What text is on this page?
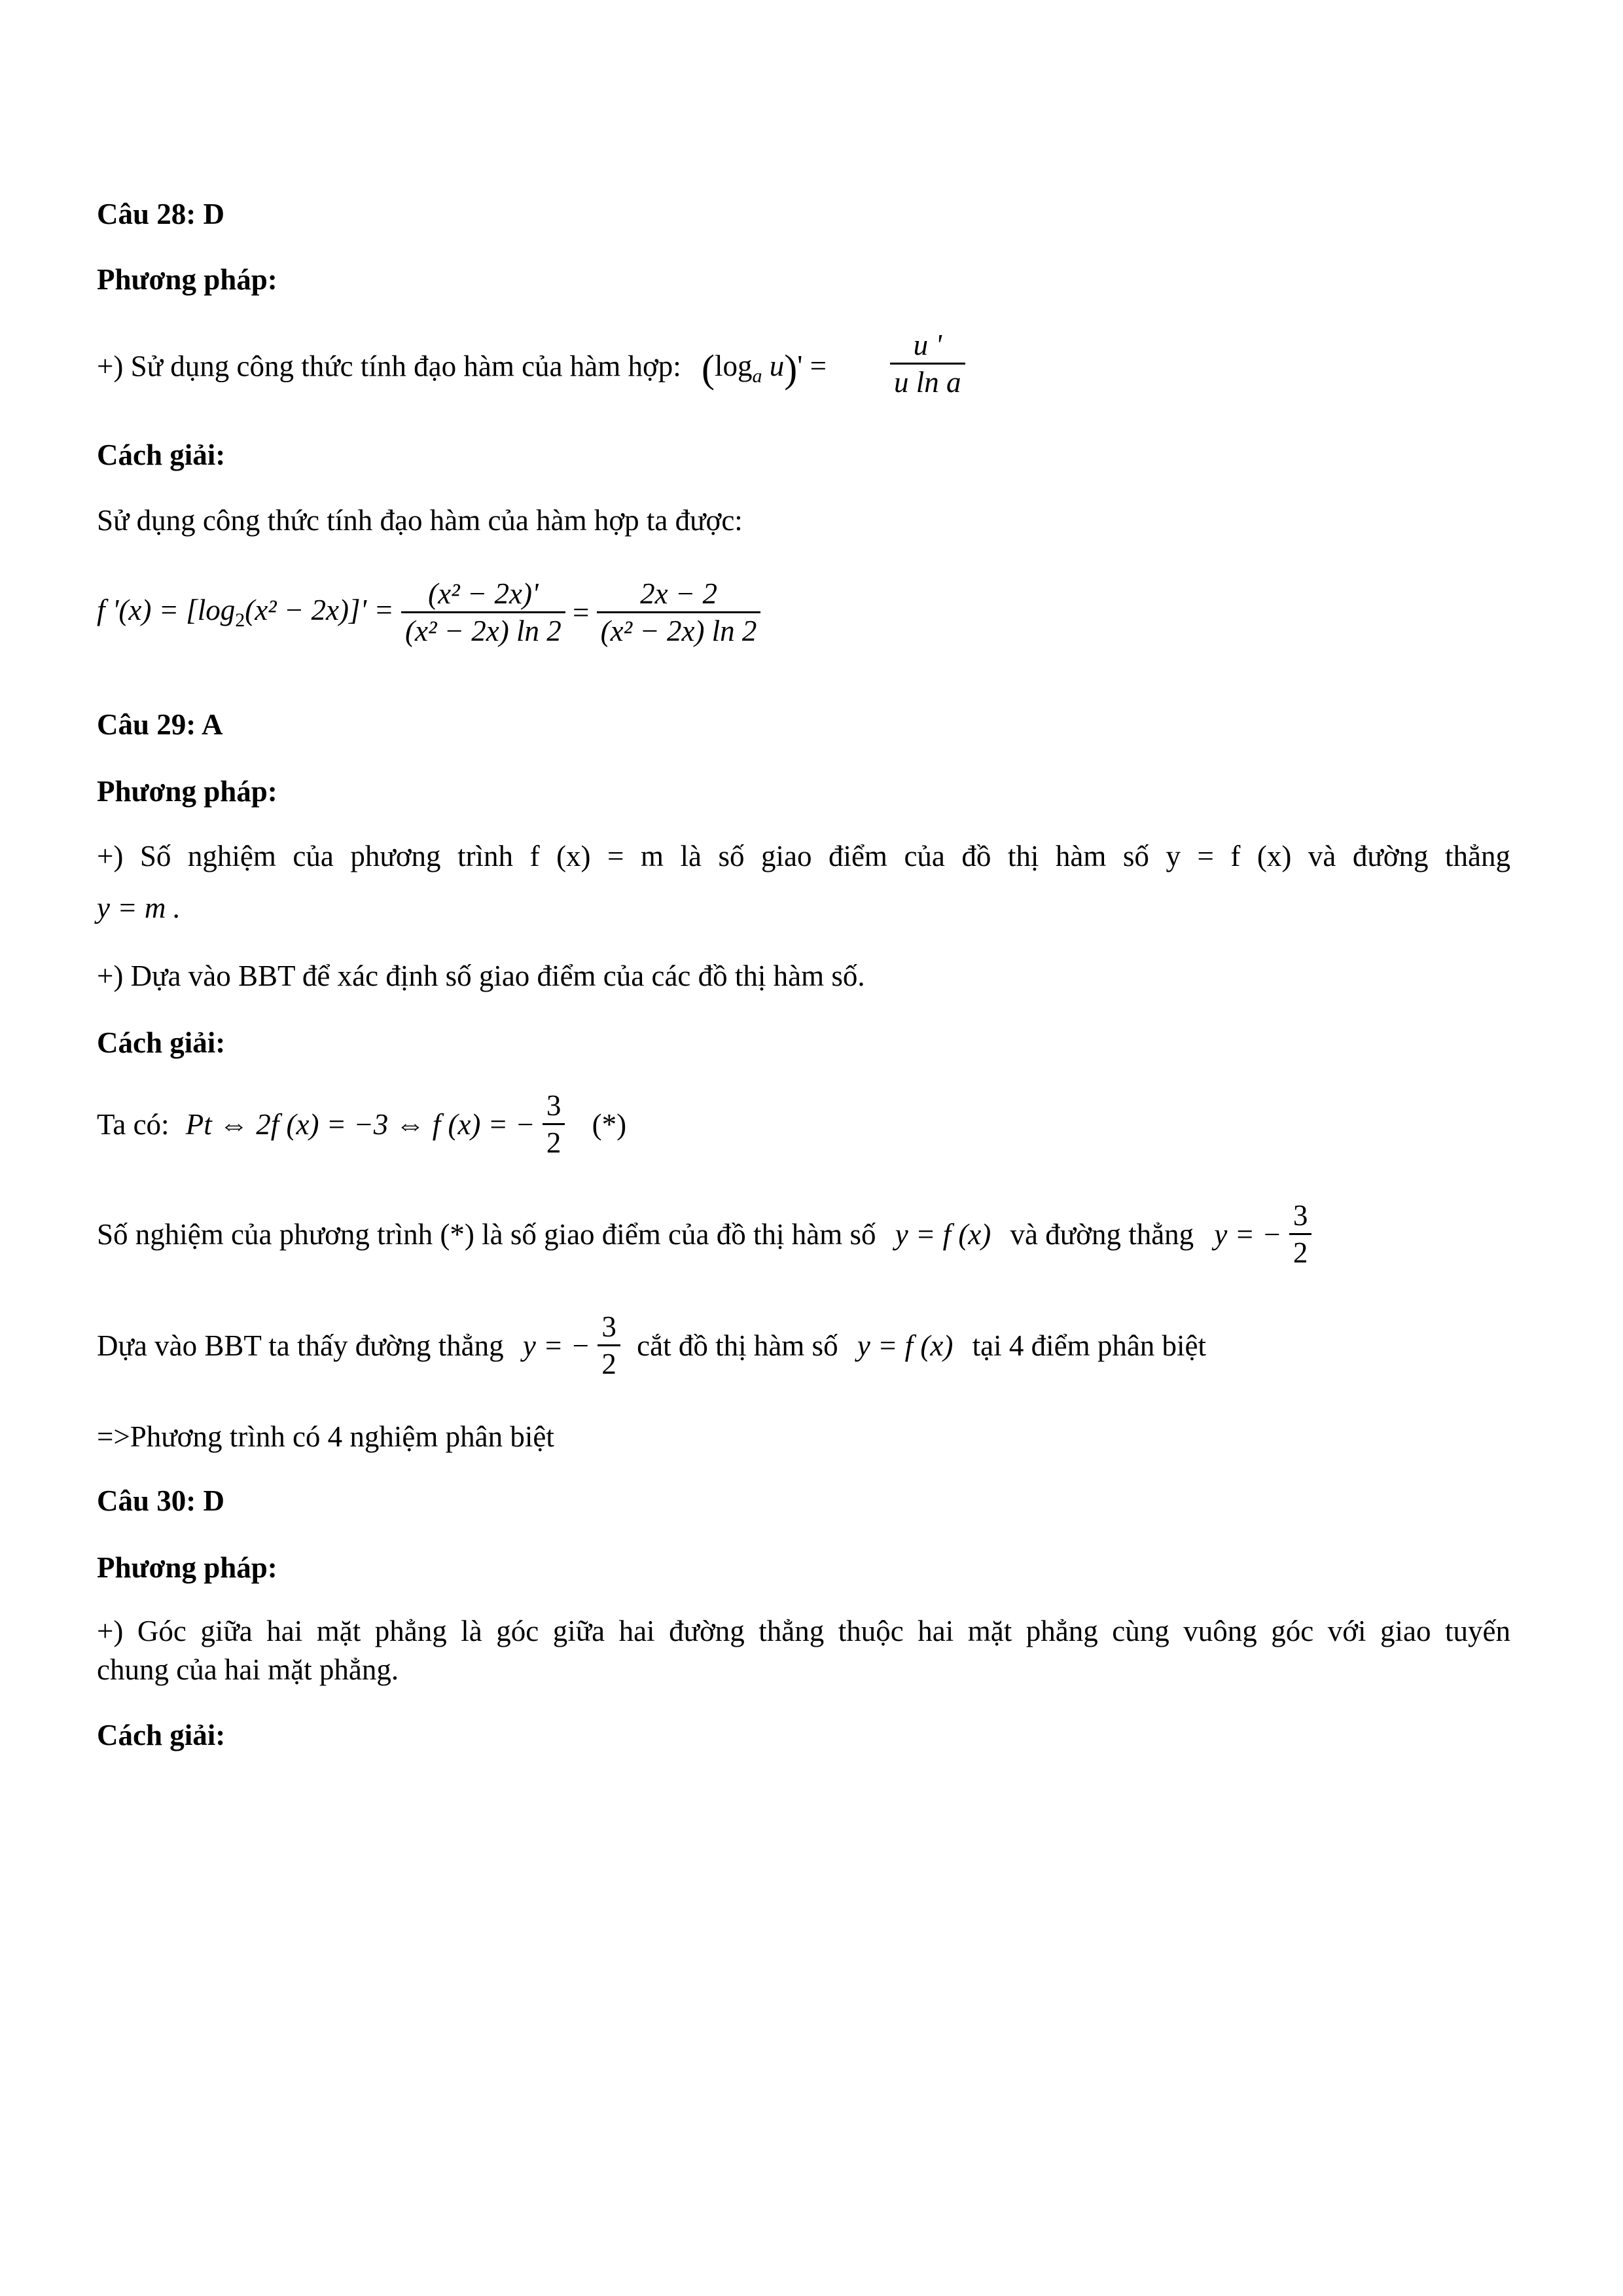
Câu 28: D
Phương pháp:
+) Sử dụng công thức tính đạo hàm của hàm hợp: ($\log_a$ $u)' = \frac{u '}{\text{u ln a}}$
Cách giải:
Sử dụng công thức tính đạo hàm của hàm hợp ta được:
f '$(x) = [\log_2(x^2 - 2x)]' = \frac{\text{(x² − 2x)'}}{\text{(x² − 2x) ln 2}} = \frac{2x - 2}{\text{(x² − 2x) ln 2}}$
Câu 29: A
Phương pháp:
+) Số nghiệm của phương trình f (x) = m là số giao điểm của đồ thị hàm số y = f (x) và đường thẳng
y = m .
+) Dựa vào BBT để xác định số giao điểm của các đồ thị hàm số.
Cách giải:
Ta có: Pt ⇔ 2f (x) = −3 ⇔ f (x) = − $\frac{3}{2}$ (*)
Số nghiệm của phương trình (*) là số giao điểm của đồ thị hàm số y = f (x) và đường thẳng y = − $\frac{3}{2}$
Dựa vào BBT ta thấy đường thẳng y = − $\frac{3}{2}$ cắt đồ thị hàm số y = f (x) tại 4 điểm phân biệt
=>Phương trình có 4 nghiệm phân biệt
Câu 30: D
Phương pháp:
+) Góc giữa hai mặt phẳng là góc giữa hai đường thẳng thuộc hai mặt phẳng cùng vuông góc với giao tuyến
chung của hai mặt phẳng.
Cách giải:
